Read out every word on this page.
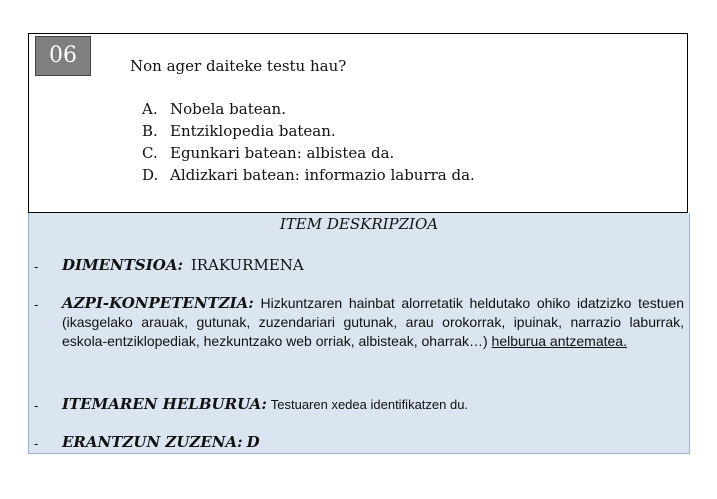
06	Non ager daiteke testu hau?
A. Nobela batean.
B. Entziklopedia batean.
C. Egunkari batean: albistea da.
D. Aldizkari batean: informazio laburra da.
ITEM DESKRIPZIOA
- DIMENTSIOA: IRAKURMENA
- AZPI-KONPETENTZIA: Hizkuntzaren hainbat alorretatik heldutako ohiko idatzizko testuen (ikasgelako arauak, gutunak, zuzendariari gutunak, arau orokorrak, ipuinak, narrazio laburrak, eskola-entziklopediak, hezkuntzako web orriak, albisteak, oharrak…) helburua antzematea.
- ITEMAREN HELBURUA: Testuaren xedea identifikatzen du.
- ERANTZUN ZUZENA: D
